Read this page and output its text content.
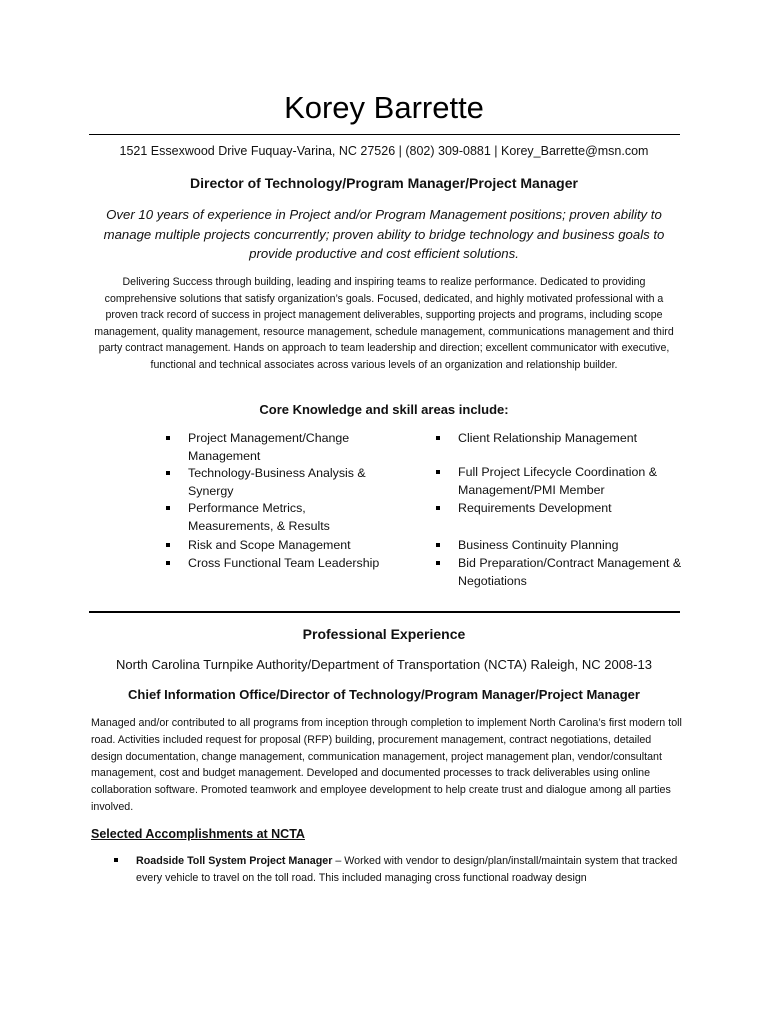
Korey Barrette
1521 Essexwood Drive Fuquay-Varina, NC 27526 | (802) 309-0881 | Korey_Barrette@msn.com
Director of Technology/Program Manager/Project Manager
Over 10 years of experience in Project and/or Program Management positions; proven ability to manage multiple projects concurrently; proven ability to bridge technology and business goals to provide productive and cost efficient solutions.
Delivering Success through building, leading and inspiring teams to realize performance. Dedicated to providing comprehensive solutions that satisfy organization’s goals. Focused, dedicated, and highly motivated professional with a proven track record of success in project management deliverables, supporting projects and programs, including scope management, quality management, resource management, schedule management, communications management and third party contract management. Hands on approach to team leadership and direction; excellent communicator with executive, functional and technical associates across various levels of an organization and relationship builder.
Core Knowledge and skill areas include:
Project Management/Change Management
Technology-Business Analysis & Synergy
Performance Metrics, Measurements, & Results
Risk and Scope Management
Cross Functional Team Leadership
Client Relationship Management
Full Project Lifecycle Coordination & Management/PMI Member
Requirements Development
Business Continuity Planning
Bid Preparation/Contract Management & Negotiations
Professional Experience
North Carolina Turnpike Authority/Department of Transportation (NCTA) Raleigh, NC 2008-13
Chief Information Office/Director of Technology/Program Manager/Project Manager
Managed and/or contributed to all programs from inception through completion to implement North Carolina’s first modern toll road. Activities included request for proposal (RFP) building, procurement management, contract negotiations, detailed design documentation, change management, communication management, project management plan, vendor/consultant management, cost and budget management. Developed and documented processes to track deliverables using online collaboration software. Promoted teamwork and employee development to help create trust and dialogue among all parties involved.
Selected Accomplishments at NCTA
Roadside Toll System Project Manager – Worked with vendor to design/plan/install/maintain system that tracked every vehicle to travel on the toll road. This included managing cross functional roadway design
